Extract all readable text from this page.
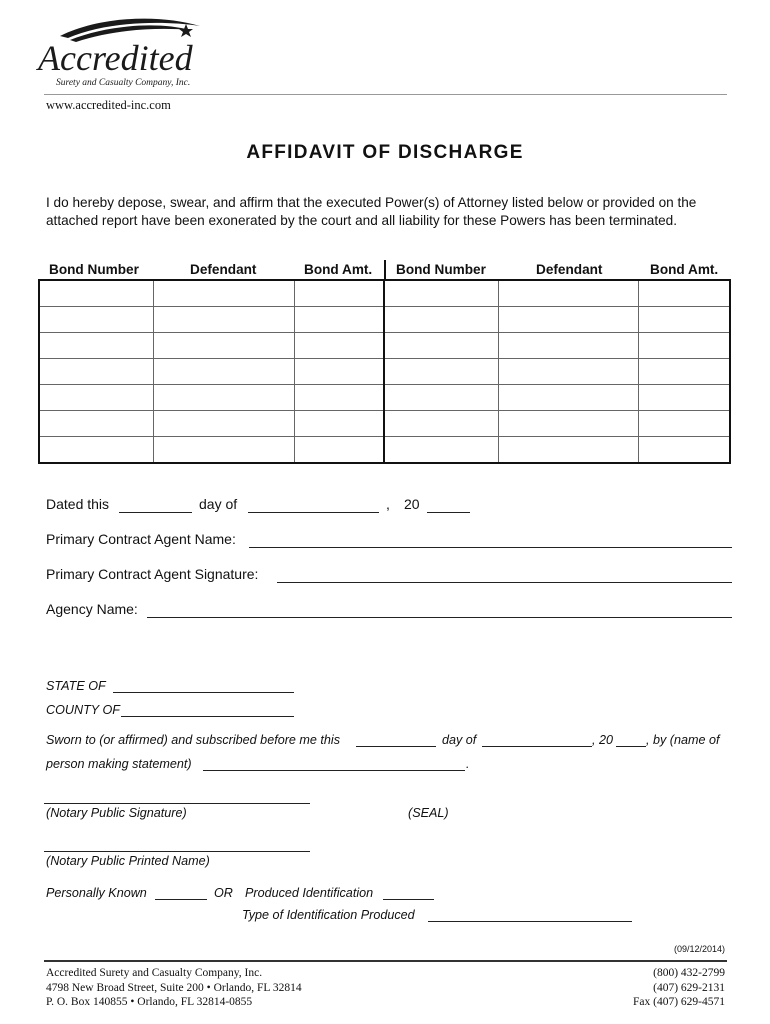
Accredited
Surety and Casualty Company, Inc.
www.accredited-inc.com
AFFIDAVIT OF DISCHARGE
I do hereby depose, swear, and affirm that the executed Power(s) of Attorney listed below or provided on the
attached report have been exonerated by the court and all liability for these Powers has been terminated.
Bond Number	Defendant	Bond Amt. Bond Number	Defendant	Bond Amt.

Dated this	day of	, 20
Primary Contract Agent Name:
Primary Contract Agent Signature:
Agency Name:
STATE OF
COUNTY OF
Sworn to (or affirmed) and subscribed before me this	day of	, 20	, by (name of
person making statement)	.
(Notary Public Signature)	(SEAL)
(Notary Public Printed Name)
Personally Known	OR Produced Identification
Type of Identification Produced
(09/12/2014)
Accredited Surety and Casualty Company, Inc.
4798 New Broad Street, Suite 200 • Orlando, FL 32814
P. O. Box 140855 • Orlando, FL 32814-0855
(800) 432-2799
(407) 629-2131
Fax (407) 629-4571
